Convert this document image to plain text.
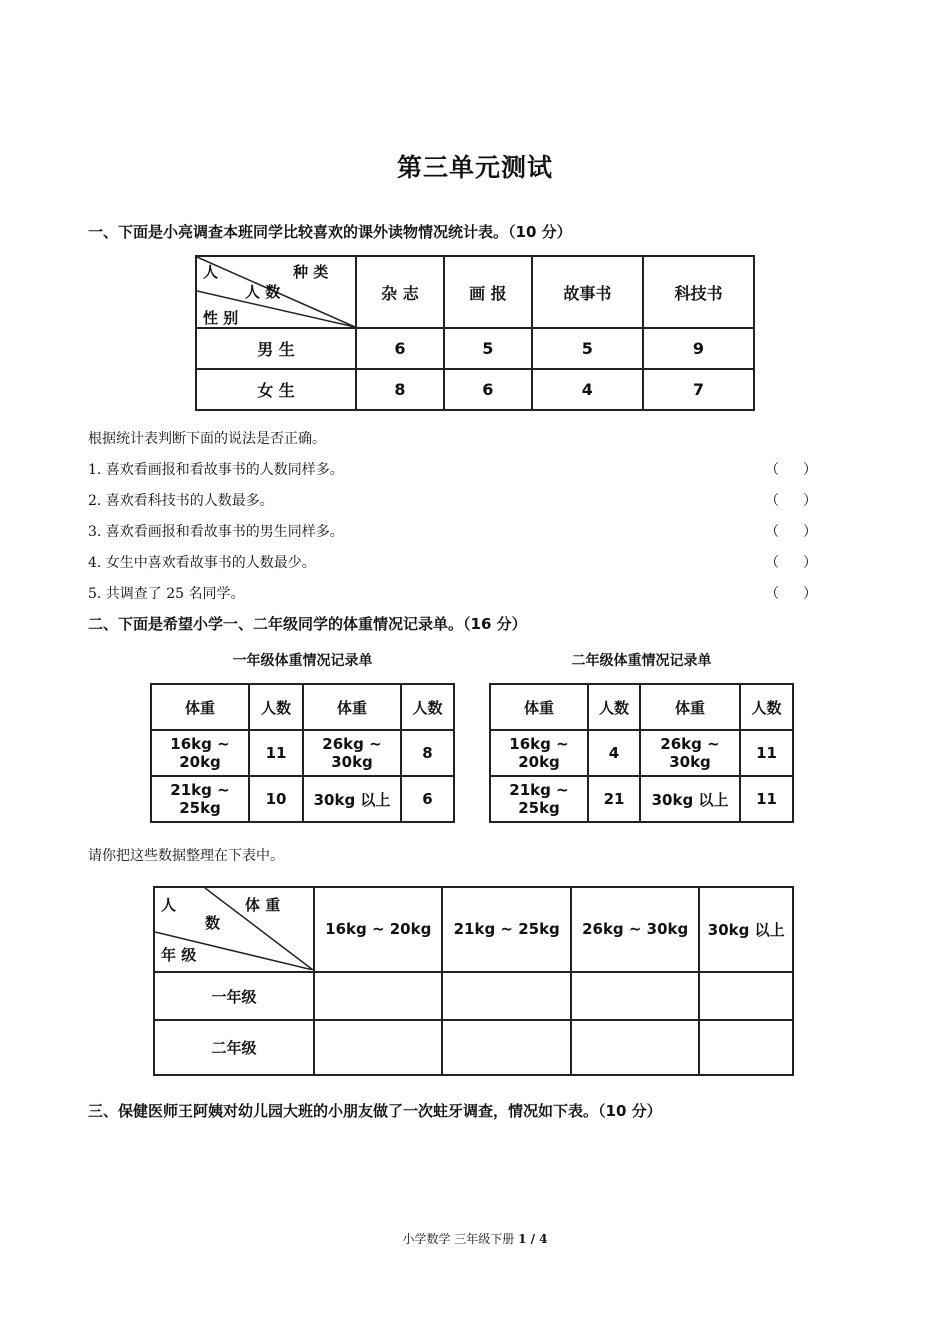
第三单元测试
一、下面是小亮调查本班同学比较喜欢的课外读物情况统计表。（10 分）
人 种 类
人 数
性 别	杂 志	画 报	故事书	科技书
男 生	6	5	5	9
女 生	8	6	4	7
根据统计表判断下面的说法是否正确。
1. 喜欢看画报和看故事书的人数同样多。	（ ）
2. 喜欢看科技书的人数最多。	（ ）
3. 喜欢看画报和看故事书的男生同样多。	（ ）
4. 女生中喜欢看故事书的人数最少。	（ ）
5. 共调查了 25 名同学。	（ ）
二、下面是希望小学一、二年级同学的体重情况记录单。（16 分）
一年级体重情况记录单
体重	人数	体重	人数
16kg ~ 20kg	11	26kg ~ 30kg	8
21kg ~ 25kg	10	30kg 以上	6
二年级体重情况记录单
体重	人数	体重	人数
16kg ~ 20kg	4	26kg ~ 30kg	11
21kg ~ 25kg	21	30kg 以上	11
请你把这些数据整理在下表中。
人 体 重
数
年 级	16kg ~ 20kg	21kg ~ 25kg	26kg ~ 30kg	30kg 以上
一年级				
二年级				
三、保健医师王阿姨对幼儿园大班的小朋友做了一次蛀牙调查，情况如下表。（10 分）
小学数学 三年级下册 1 / 4
